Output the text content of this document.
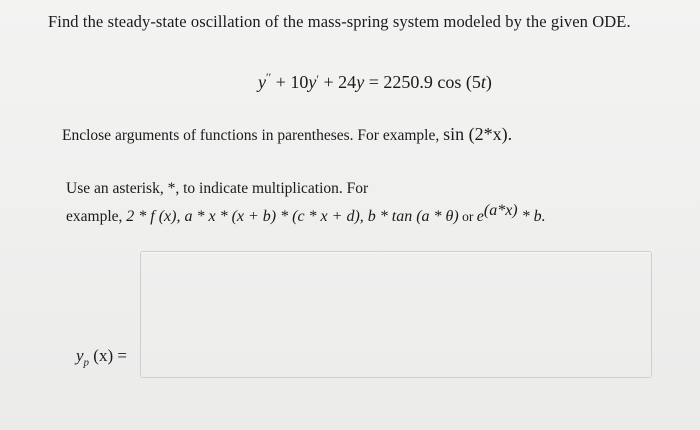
Find the steady-state oscillation of the mass-spring system modeled by the given ODE.
y′′ + 10y′ + 24y = 2250.9 cos (5t)
Enclose arguments of functions in parentheses. For example, sin (2*x).
Use an asterisk, *, to indicate multiplication. For
example, 2 * f (x), a * x * (x + b) * (c * x + d), b * tan (a * θ) or $e^{(a*x)}$ * b.
$y_p$ (x) =
